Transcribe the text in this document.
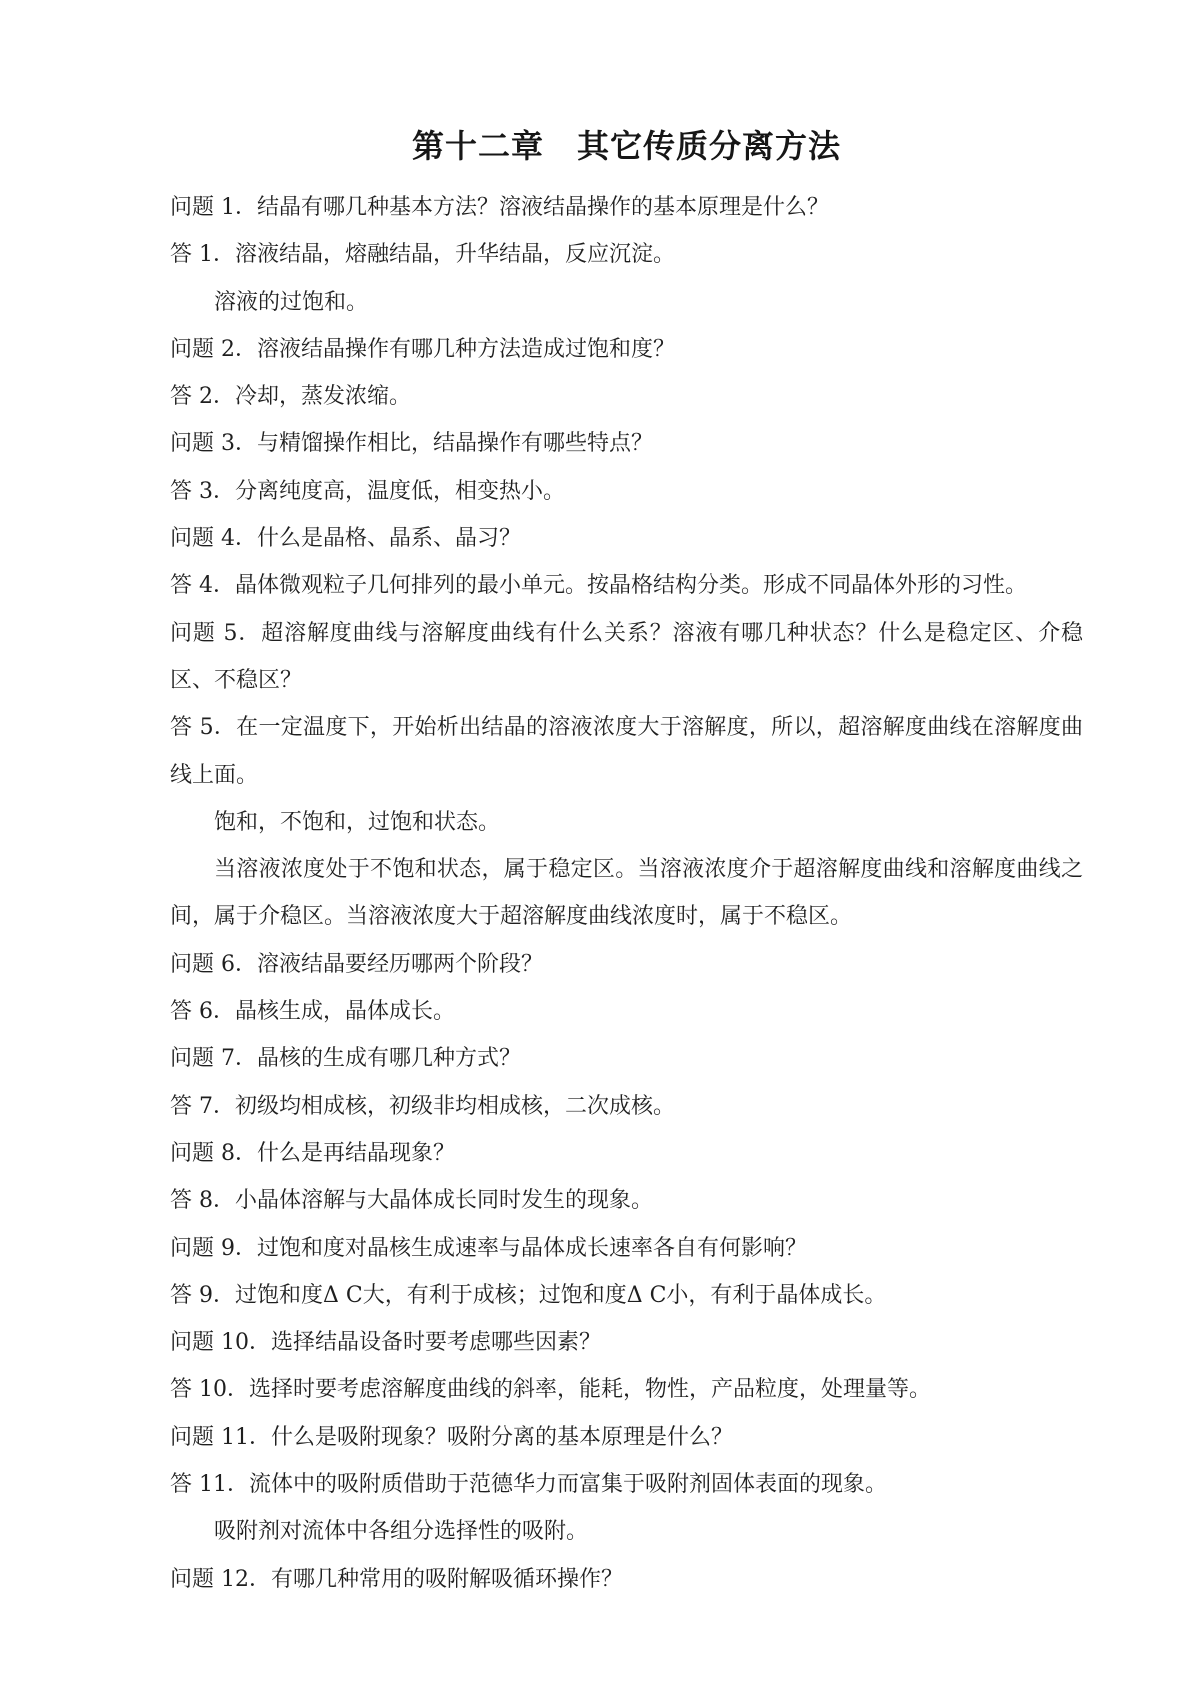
第十二章　其它传质分离方法

问题 1．结晶有哪几种基本方法？溶液结晶操作的基本原理是什么？

答 1．溶液结晶，熔融结晶，升华结晶，反应沉淀。

溶液的过饱和。

问题 2．溶液结晶操作有哪几种方法造成过饱和度？

答 2．冷却，蒸发浓缩。

问题 3．与精馏操作相比，结晶操作有哪些特点？

答 3．分离纯度高，温度低，相变热小。

问题 4．什么是晶格、晶系、晶习？

答 4．晶体微观粒子几何排列的最小单元。按晶格结构分类。形成不同晶体外形的习性。

问题 5．超溶解度曲线与溶解度曲线有什么关系？溶液有哪几种状态？什么是稳定区、介稳区、不稳区？

答 5．在一定温度下，开始析出结晶的溶液浓度大于溶解度，所以，超溶解度曲线在溶解度曲线上面。

饱和，不饱和，过饱和状态。

当溶液浓度处于不饱和状态，属于稳定区。当溶液浓度介于超溶解度曲线和溶解度曲线之间，属于介稳区。当溶液浓度大于超溶解度曲线浓度时，属于不稳区。

问题 6．溶液结晶要经历哪两个阶段？

答 6．晶核生成，晶体成长。

问题 7．晶核的生成有哪几种方式？

答 7．初级均相成核，初级非均相成核，二次成核。

问题 8．什么是再结晶现象？

答 8．小晶体溶解与大晶体成长同时发生的现象。

问题 9．过饱和度对晶核生成速率与晶体成长速率各自有何影响？

答 9．过饱和度Δ C大，有利于成核；过饱和度Δ C小，有利于晶体成长。

问题 10．选择结晶设备时要考虑哪些因素？

答 10．选择时要考虑溶解度曲线的斜率，能耗，物性，产品粒度，处理量等。

问题 11．什么是吸附现象？吸附分离的基本原理是什么？

答 11．流体中的吸附质借助于范德华力而富集于吸附剂固体表面的现象。

吸附剂对流体中各组分选择性的吸附。

问题 12．有哪几种常用的吸附解吸循环操作？
